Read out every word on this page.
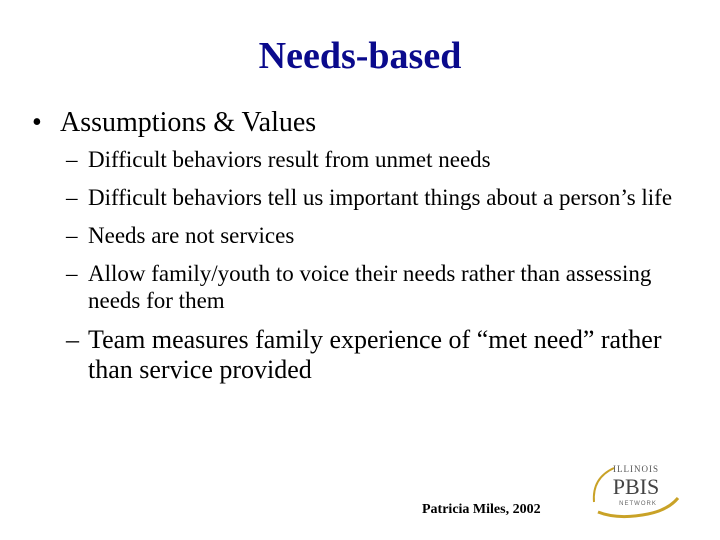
Needs-based
• Assumptions & Values
– Difficult behaviors result from unmet needs
– Difficult behaviors tell us important things about a person’s life
– Needs are not services
– Allow family/youth to voice their needs rather than assessing needs for them
– Team measures family experience of “met need” rather than service provided
Patricia Miles, 2002
ILLINOIS
PBIS
NETWORK
